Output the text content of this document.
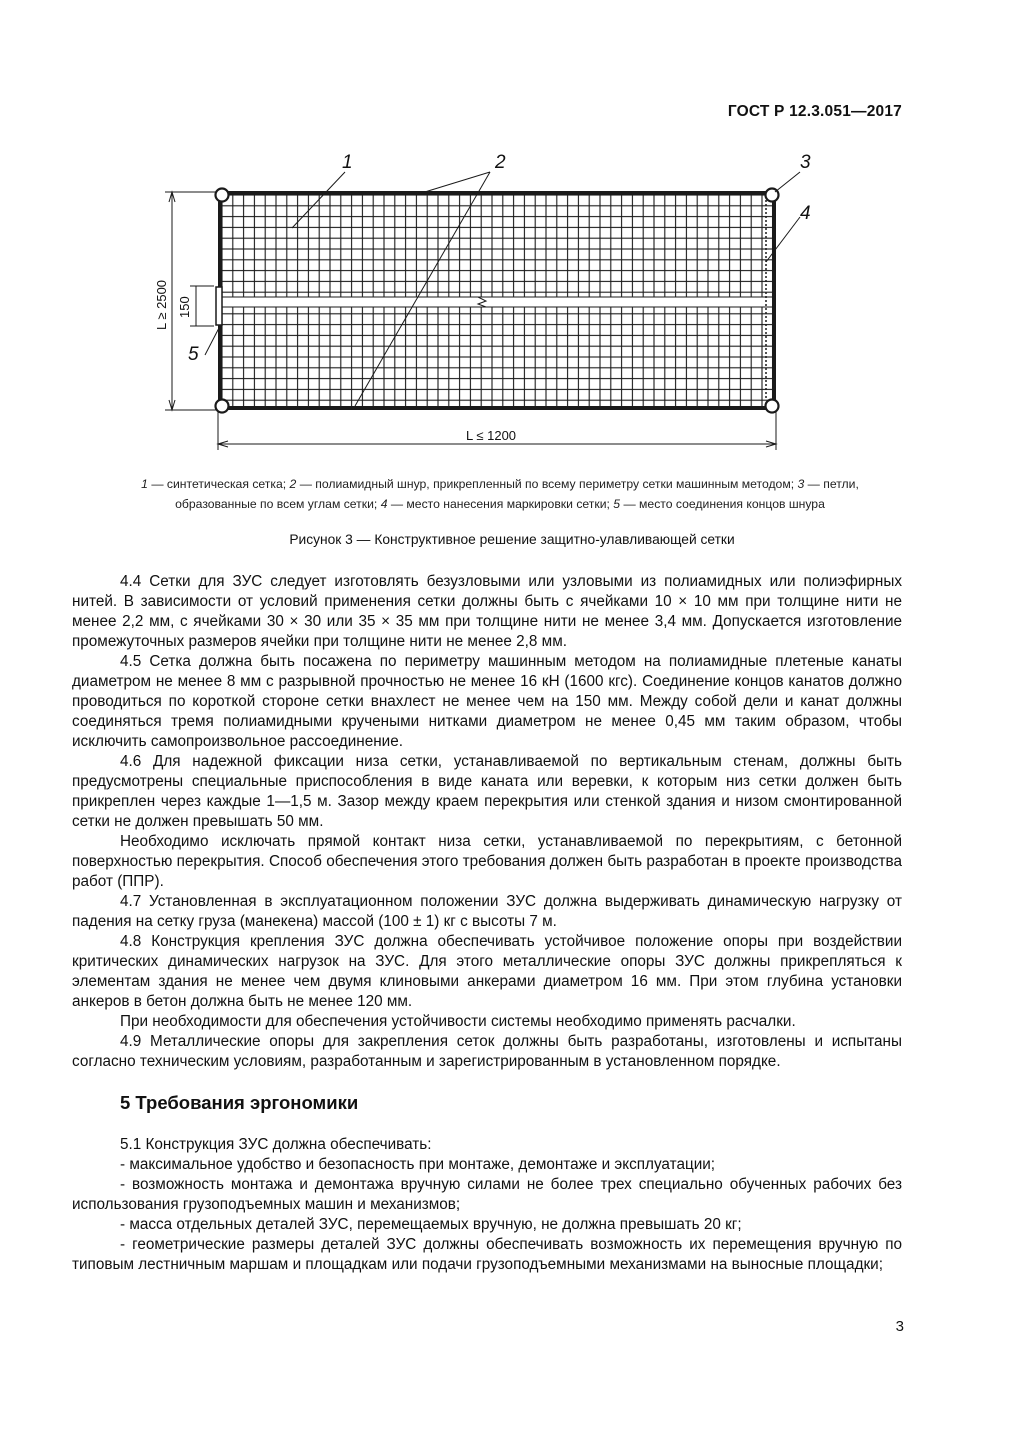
ГОСТ Р 12.3.051—2017
L ≥ 2500 150
L ≤ 1200
1	2	3
4
5
1 — синтетическая сетка; 2 — полиамидный шнур, прикрепленный по всему периметру сетки машинным методом; 3 — петли,
образованные по всем углам сетки; 4 — место нанесения маркировки сетки; 5 — место соединения концов шнура
Рисунок 3 — Конструктивное решение защитно-улавливающей сетки

4.4 Сетки для ЗУС следует изготовлять безузловыми или узловыми из полиамидных или полиэфирных нитей. В зависимости от условий применения сетки должны быть с ячейками 10 × 10 мм при толщине нити не менее 2,2 мм, с ячейками 30 × 30 или 35 × 35 мм при толщине нити не менее 3,4 мм. Допускается изготовление промежуточных размеров ячейки при толщине нити не менее 2,8 мм.

4.5 Сетка должна быть посажена по периметру машинным методом на полиамидные плетеные канаты диаметром не менее 8 мм с разрывной прочностью не менее 16 кН (1600 кгс). Соединение концов канатов должно проводиться по короткой стороне сетки внахлест не менее чем на 150 мм. Между собой дели и канат должны соединяться тремя полиамидными кручеными нитками диаметром не менее 0,45 мм таким образом, чтобы исключить самопроизвольное рассоединение.

4.6 Для надежной фиксации низа сетки, устанавливаемой по вертикальным стенам, должны быть предусмотрены специальные приспособления в виде каната или веревки, к которым низ сетки должен быть прикреплен через каждые 1—1,5 м. Зазор между краем перекрытия или стенкой здания и низом смонтированной сетки не должен превышать 50 мм.

Необходимо исключать прямой контакт низа сетки, устанавливаемой по перекрытиям, с бетонной поверхностью перекрытия. Способ обеспечения этого требования должен быть разработан в проекте производства работ (ППР).

4.7 Установленная в эксплуатационном положении ЗУС должна выдерживать динамическую нагрузку от падения на сетку груза (манекена) массой (100 ± 1) кг с высоты 7 м.

4.8 Конструкция крепления ЗУС должна обеспечивать устойчивое положение опоры при воздействии критических динамических нагрузок на ЗУС. Для этого металлические опоры ЗУС должны прикрепляться к элементам здания не менее чем двумя клиновыми анкерами диаметром 16 мм. При этом глубина установки анкеров в бетон должна быть не менее 120 мм.

При необходимости для обеспечения устойчивости системы необходимо применять расчалки.

4.9 Металлические опоры для закрепления сеток должны быть разработаны, изготовлены и испытаны согласно техническим условиям, разработанным и зарегистрированным в установленном порядке.

5 Требования эргономики

5.1 Конструкция ЗУС должна обеспечивать:

- максимальное удобство и безопасность при монтаже, демонтаже и эксплуатации;

- возможность монтажа и демонтажа вручную силами не более трех специально обученных рабочих без использования грузоподъемных машин и механизмов;

- масса отдельных деталей ЗУС, перемещаемых вручную, не должна превышать 20 кг;

- геометрические размеры деталей ЗУС должны обеспечивать возможность их перемещения вручную по типовым лестничным маршам и площадкам или подачи грузоподъемными механизмами на выносные площадки;

3
